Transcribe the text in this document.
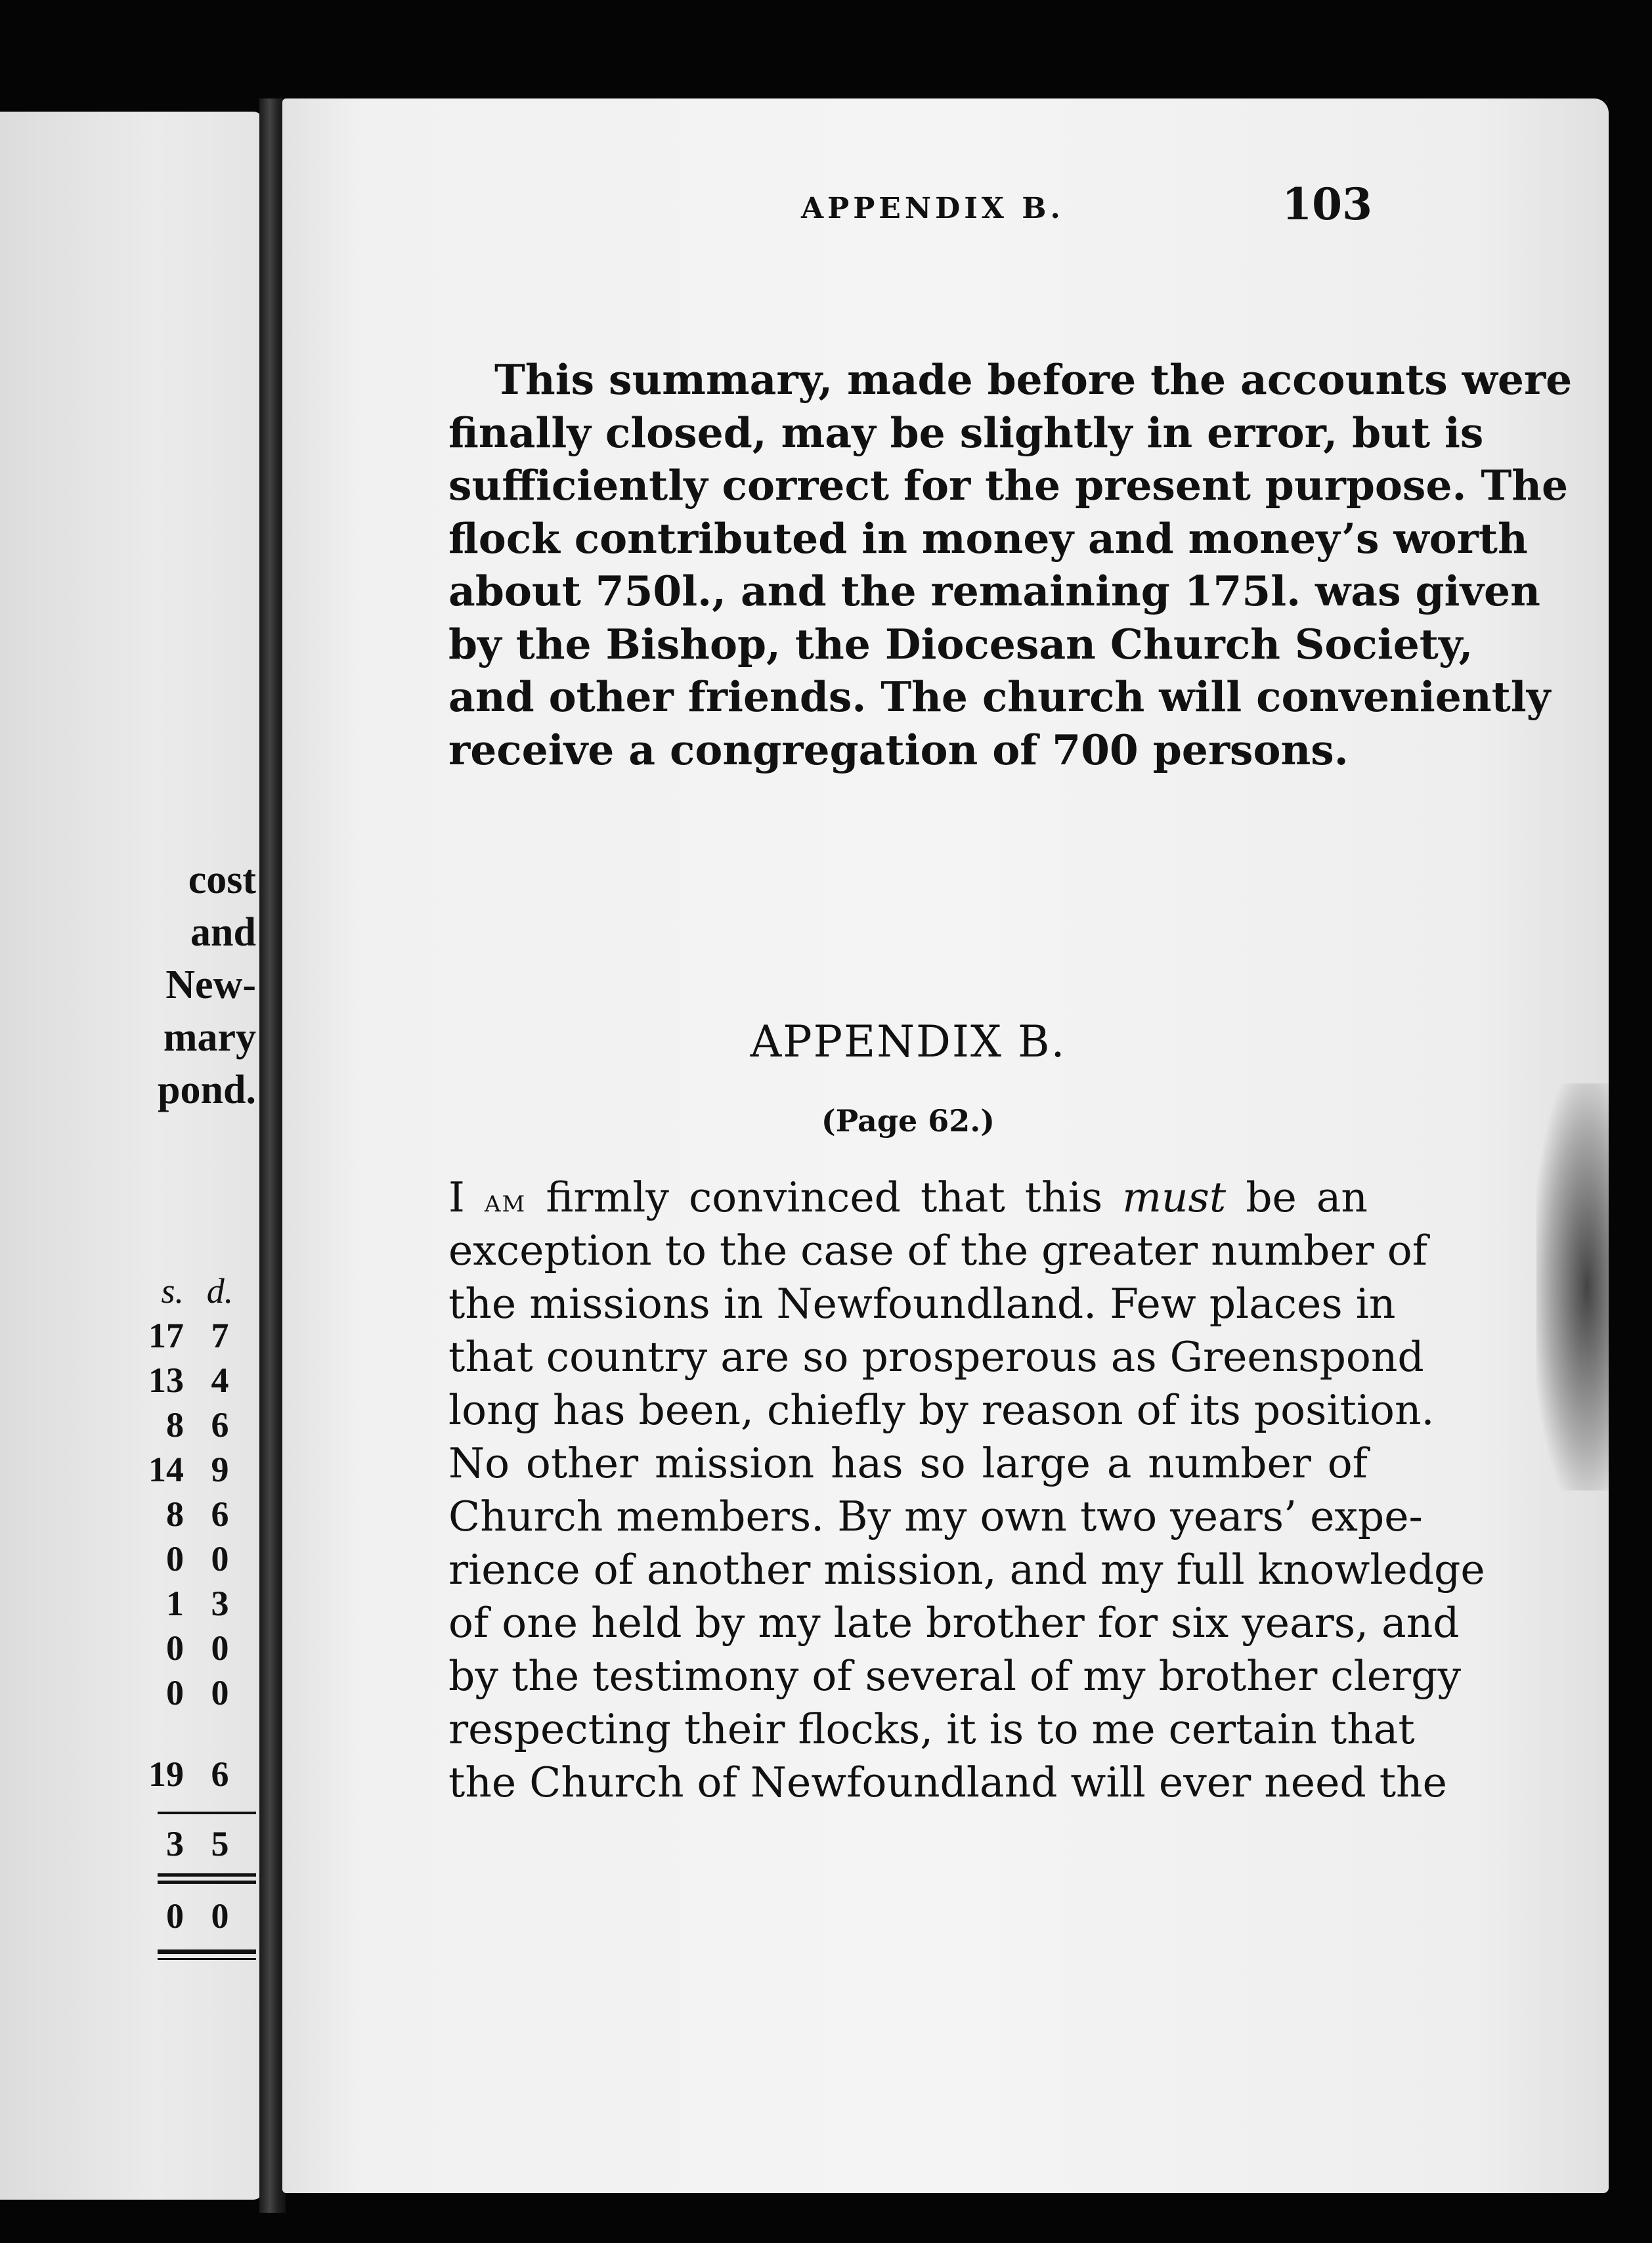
cost
and
New-
mary
pond.
s. d.
17 7
13 4
8 6
14 9
8 6
0 0
1 3
0 0
0 0
19 6
3 5
0 0
APPENDIX B.	103
This summary, made before the accounts were
finally closed, may be slightly in error, but is
sufficiently correct for the present purpose. The
flock contributed in money and money’s worth
about 750l., and the remaining 175l. was given
by the Bishop, the Diocesan Church Society,
and other friends. The church will conveniently
receive a congregation of 700 persons.
APPENDIX B.
(Page 62.)
I am firmly convinced that this must be an
exception to the case of the greater number of
the missions in Newfoundland. Few places in
that country are so prosperous as Greenspond
long has been, chiefly by reason of its position.
No other mission has so large a number of
Church members. By my own two years’ expe-
rience of another mission, and my full knowledge
of one held by my late brother for six years, and
by the testimony of several of my brother clergy
respecting their flocks, it is to me certain that
the Church of Newfoundland will ever need the
